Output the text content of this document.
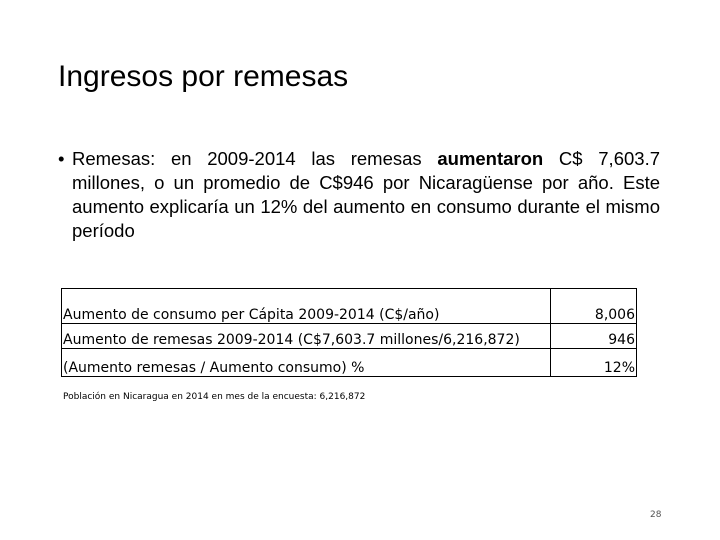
Ingresos por remesas

• Remesas: en 2009-2014 las remesas aumentaron C$ 7,603.7 millones, o un promedio de C$946 por Nicaragüense por año. Este aumento explicaría un 12% del aumento en consumo durante el mismo período

Aumento de consumo per Cápita 2009-2014 (C$/año)	8,006
Aumento de remesas 2009-2014 (C$7,603.7 millones/6,216,872)	946
(Aumento remesas / Aumento consumo) %	12%
Población en Nicaragua en 2014 en mes de la encuesta: 6,216,872
28
